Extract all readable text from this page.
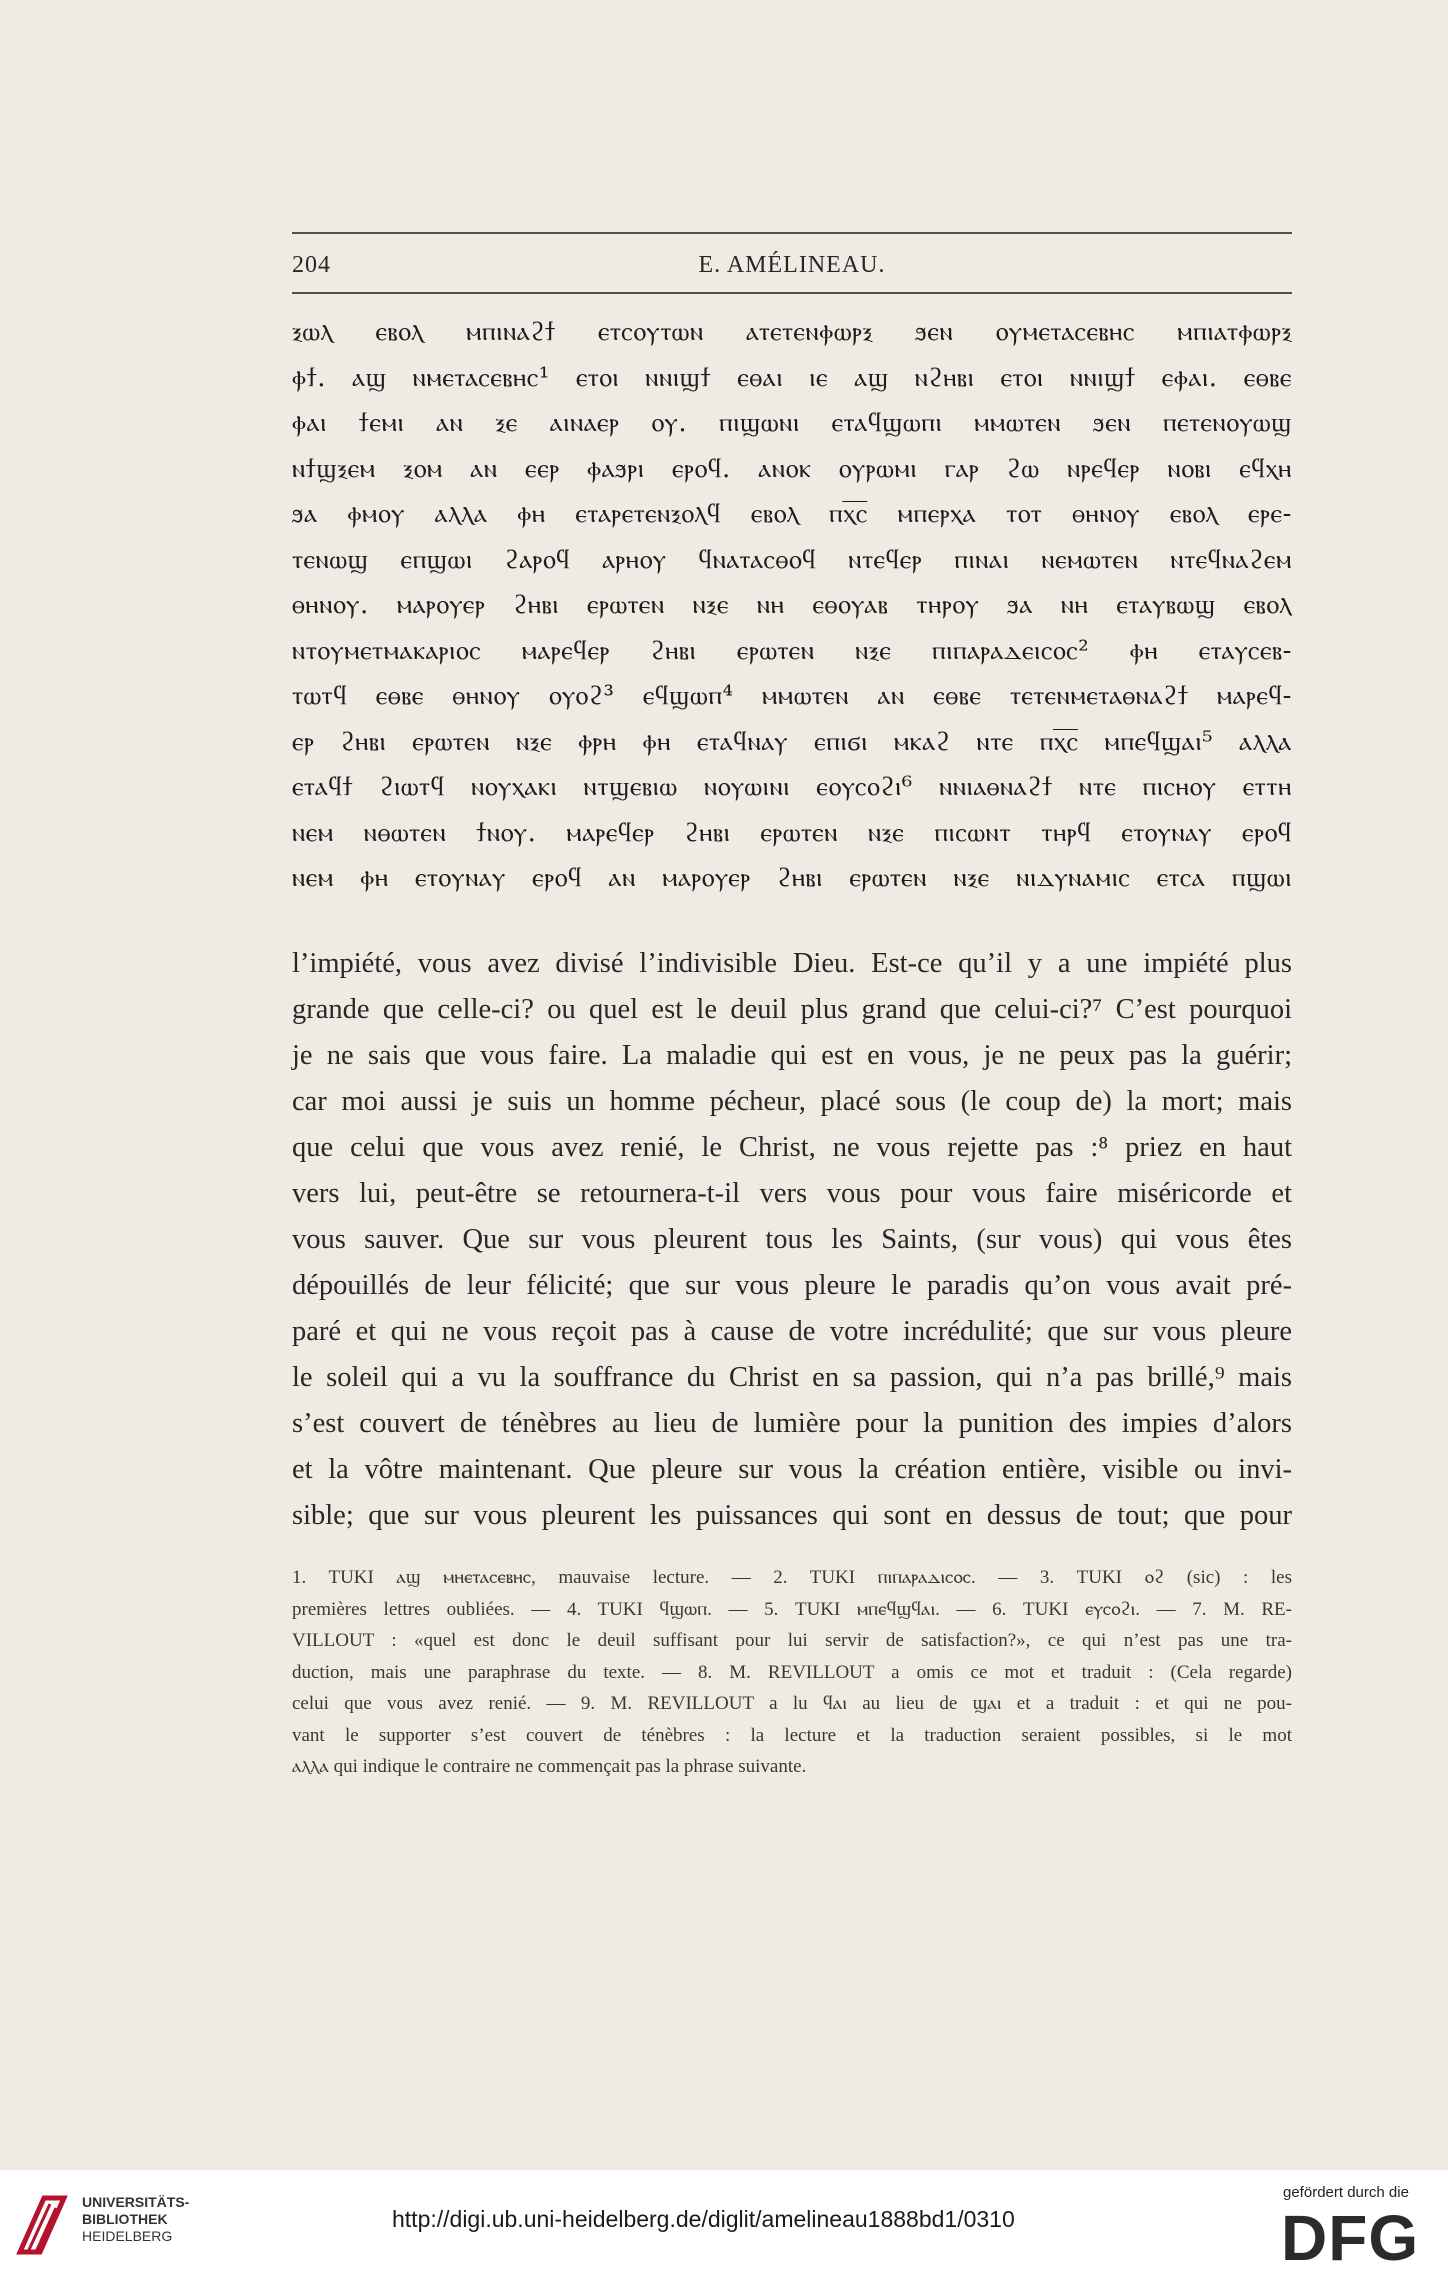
204	E. AMÉLINEAU.
ⲝⲱⲗ ⲉⲃⲟⲗ ⲙⲡⲓⲛⲁϩϯ ⲉⲧⲥⲟⲩⲧⲱⲛ ⲁⲧⲉⲧⲉⲛⲫⲱⲣⲝ ϧⲉⲛ ⲟⲩⲙⲉⲧⲁⲥⲉⲃⲏⲥ ⲙⲡⲓⲁⲧⲫⲱⲣⲝ
ⲫϯ. ⲁϣ ⲛⲙⲉⲧⲁⲥⲉⲃⲏⲥ¹ ⲉⲧⲟⲓ ⲛⲛⲓϣϯ ⲉⲑⲁⲓ ⲓⲉ ⲁϣ ⲛϩⲏⲃⲓ ⲉⲧⲟⲓ ⲛⲛⲓϣϯ ⲉⲫⲁⲓ. ⲉⲑⲃⲉ
ⲫⲁⲓ ϯⲉⲙⲓ ⲁⲛ ⲝⲉ ⲁⲓⲛⲁⲉⲣ ⲟⲩ. ⲡⲓϣⲱⲛⲓ ⲉⲧⲁϥϣⲱⲡⲓ ⲙⲙⲱⲧⲉⲛ ϧⲉⲛ ⲡⲉⲧⲉⲛⲟⲩⲱϣ
ⲛϯϣⲝⲉⲙ ⲝⲟⲙ ⲁⲛ ⲉⲉⲣ ⲫⲁϧⲣⲓ ⲉⲣⲟϥ. ⲁⲛⲟⲕ ⲟⲩⲣⲱⲙⲓ ⲅⲁⲣ ϩⲱ ⲛⲣⲉϥⲉⲣ ⲛⲟⲃⲓ ⲉϥⲭⲏ
ϧⲁ ⲫⲙⲟⲩ ⲁⲗⲗⲁ ⲫⲏ ⲉⲧⲁⲣⲉⲧⲉⲛⲝⲟⲗϥ ⲉⲃⲟⲗ ⲡⲭ̅ⲥ̅ ⲙⲡⲉⲣⲭⲁ ⲧⲟⲧ ⲑⲏⲛⲟⲩ ⲉⲃⲟⲗ ⲉⲣⲉ-
ⲧⲉⲛⲱϣ ⲉⲡϣⲱⲓ ϩⲁⲣⲟϥ ⲁⲣⲏⲟⲩ ϥⲛⲁⲧⲁⲥⲑⲟϥ ⲛⲧⲉϥⲉⲣ ⲡⲓⲛⲁⲓ ⲛⲉⲙⲱⲧⲉⲛ ⲛⲧⲉϥⲛⲁϩⲉⲙ
ⲑⲏⲛⲟⲩ. ⲙⲁⲣⲟⲩⲉⲣ ϩⲏⲃⲓ ⲉⲣⲱⲧⲉⲛ ⲛⲝⲉ ⲛⲏ ⲉⲑⲟⲩⲁⲃ ⲧⲏⲣⲟⲩ ϧⲁ ⲛⲏ ⲉⲧⲁⲩⲃⲱϣ ⲉⲃⲟⲗ
ⲛⲧⲟⲩⲙⲉⲧⲙⲁⲕⲁⲣⲓⲟⲥ ⲙⲁⲣⲉϥⲉⲣ ϩⲏⲃⲓ ⲉⲣⲱⲧⲉⲛ ⲛⲝⲉ ⲡⲓⲡⲁⲣⲁⲇⲉⲓⲥⲟⲥ² ⲫⲏ ⲉⲧⲁⲩⲥⲉⲃ-
ⲧⲱⲧϥ ⲉⲑⲃⲉ ⲑⲏⲛⲟⲩ ⲟⲩⲟϩ³ ⲉϥϣⲱⲡ⁴ ⲙⲙⲱⲧⲉⲛ ⲁⲛ ⲉⲑⲃⲉ ⲧⲉⲧⲉⲛⲙⲉⲧⲁⲑⲛⲁϩϯ ⲙⲁⲣⲉϥ-
ⲉⲣ ϩⲏⲃⲓ ⲉⲣⲱⲧⲉⲛ ⲛⲝⲉ ⲫⲣⲏ ⲫⲏ ⲉⲧⲁϥⲛⲁⲩ ⲉⲡⲓϭⲓ ⲙⲕⲁϩ ⲛⲧⲉ ⲡⲭ̅ⲥ̅ ⲙⲡⲉϥϣⲁⲓ⁵ ⲁⲗⲗⲁ
ⲉⲧⲁϥϯ ϩⲓⲱⲧϥ ⲛⲟⲩⲭⲁⲕⲓ ⲛⲧϣⲉⲃⲓⲱ ⲛⲟⲩⲱⲓⲛⲓ ⲉⲟⲩⲥⲟϩⲓ⁶ ⲛⲛⲓⲁⲑⲛⲁϩϯ ⲛⲧⲉ ⲡⲓⲥⲏⲟⲩ ⲉⲧⲧⲏ
ⲛⲉⲙ ⲛⲑⲱⲧⲉⲛ ϯⲛⲟⲩ. ⲙⲁⲣⲉϥⲉⲣ ϩⲏⲃⲓ ⲉⲣⲱⲧⲉⲛ ⲛⲝⲉ ⲡⲓⲥⲱⲛⲧ ⲧⲏⲣϥ ⲉⲧⲟⲩⲛⲁⲩ ⲉⲣⲟϥ
ⲛⲉⲙ ⲫⲏ ⲉⲧⲟⲩⲛⲁⲩ ⲉⲣⲟϥ ⲁⲛ ⲙⲁⲣⲟⲩⲉⲣ ϩⲏⲃⲓ ⲉⲣⲱⲧⲉⲛ ⲛⲝⲉ ⲛⲓⲇⲩⲛⲁⲙⲓⲥ ⲉⲧⲥⲁ ⲡϣⲱⲓ
l’impiété, vous avez divisé l’indivisible Dieu. Est-ce qu’il y a une impiété plus
grande que celle-ci? ou quel est le deuil plus grand que celui-ci?⁷ C’est pourquoi
je ne sais que vous faire. La maladie qui est en vous, je ne peux pas la guérir;
car moi aussi je suis un homme pécheur, placé sous (le coup de) la mort; mais
que celui que vous avez renié, le Christ, ne vous rejette pas :⁸ priez en haut
vers lui, peut-être se retournera-t-il vers vous pour vous faire miséricorde et
vous sauver. Que sur vous pleurent tous les Saints, (sur vous) qui vous êtes
dépouillés de leur félicité; que sur vous pleure le paradis qu’on vous avait pré-
paré et qui ne vous reçoit pas à cause de votre incrédulité; que sur vous pleure
le soleil qui a vu la souffrance du Christ en sa passion, qui n’a pas brillé,⁹ mais
s’est couvert de ténèbres au lieu de lumière pour la punition des impies d’alors
et la vôtre maintenant. Que pleure sur vous la création entière, visible ou invi-
sible; que sur vous pleurent les puissances qui sont en dessus de tout; que pour
1. TUKI ⲁϣ ⲙⲏⲉⲧⲁⲥⲉⲃⲏⲥ, mauvaise lecture. — 2. TUKI ⲡⲓⲡⲁⲣⲁⲇⲓⲥⲟⲥ. — 3. TUKI ⲟϩ (sic) : les
premières lettres oubliées. — 4. TUKI ϥϣⲱⲡ. — 5. TUKI ⲙⲡⲉϥϣϥⲁⲓ. — 6. TUKI ⲉⲩⲥⲟϩⲓ. — 7. M. RE-
VILLOUT : «quel est donc le deuil suffisant pour lui servir de satisfaction?», ce qui n’est pas une tra-
duction, mais une paraphrase du texte. — 8. M. REVILLOUT a omis ce mot et traduit : (Cela regarde)
celui que vous avez renié. — 9. M. REVILLOUT a lu ϥⲁⲓ au lieu de ϣⲁⲓ et a traduit : et qui ne pou-
vant le supporter s’est couvert de ténèbres : la lecture et la traduction seraient possibles, si le mot
ⲁⲗⲗⲁ qui indique le contraire ne commençait pas la phrase suivante.
UNIVERSITÄTS-
BIBLIOTHEK
HEIDELBERG
http://digi.ub.uni-heidelberg.de/diglit/amelineau1888bd1/0310
gefördert durch die
DFG
